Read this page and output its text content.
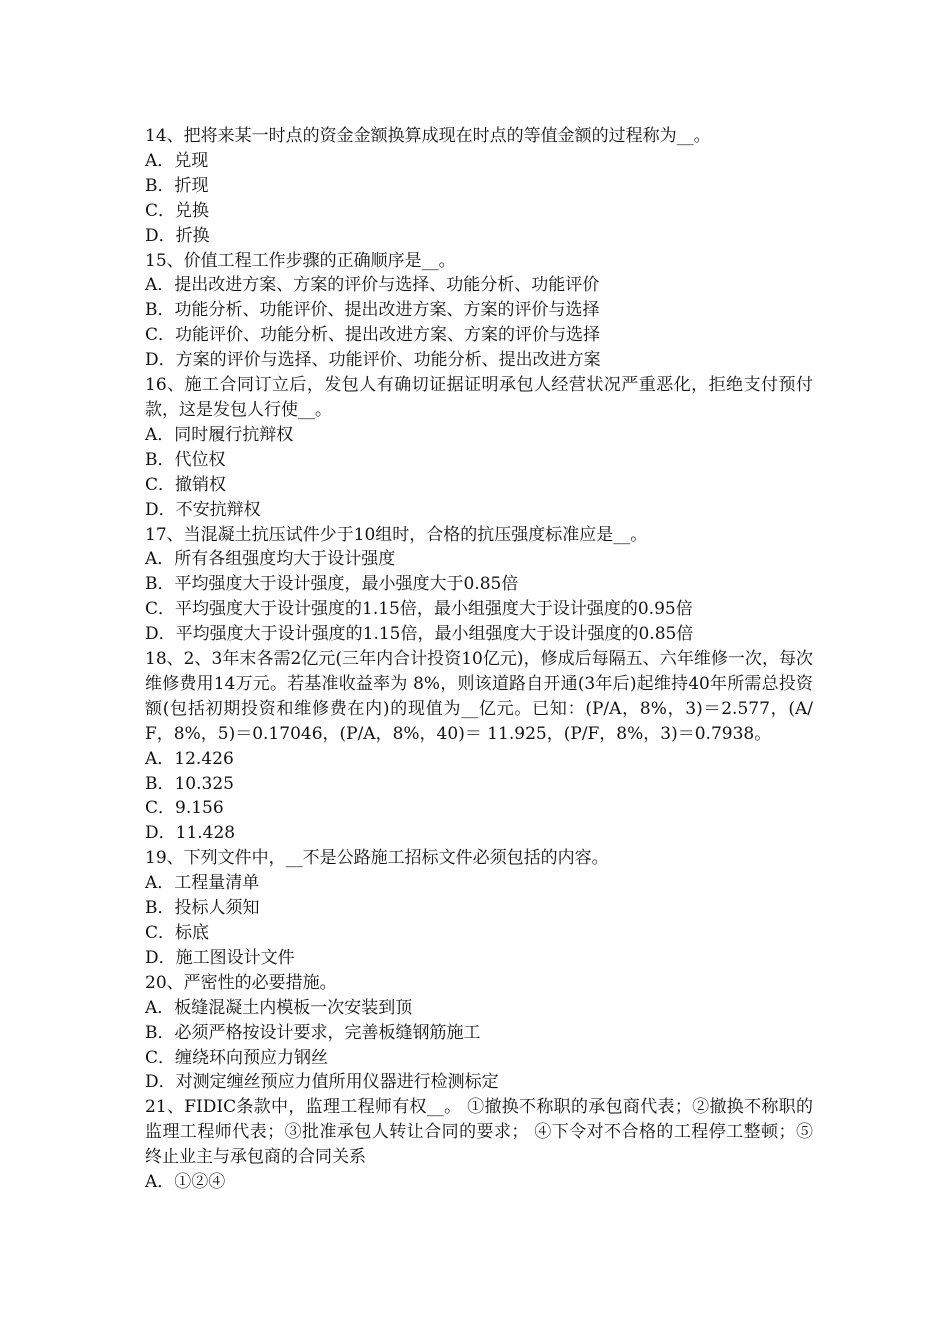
14、把将来某一时点的资金金额换算成现在时点的等值金额的过程称为__。

A．兑现

B．折现

C．兑换

D．折换

15、价值工程工作步骤的正确顺序是__。

A．提出改进方案、方案的评价与选择、功能分析、功能评价

B．功能分析、功能评价、提出改进方案、方案的评价与选择

C．功能评价、功能分析、提出改进方案、方案的评价与选择

D．方案的评价与选择、功能评价、功能分析、提出改进方案

16、施工合同订立后，发包人有确切证据证明承包人经营状况严重恶化，拒绝支付预付款，这是发包人行使__。

A．同时履行抗辩权

B．代位权

C．撤销权

D．不安抗辩权

17、当混凝土抗压试件少于10组时，合格的抗压强度标准应是__。

A．所有各组强度均大于设计强度

B．平均强度大于设计强度，最小强度大于0.85倍

C．平均强度大于设计强度的1.15倍，最小组强度大于设计强度的0.95倍

D．平均强度大于设计强度的1.15倍，最小组强度大于设计强度的0.85倍

18、2、3年末各需2亿元(三年内合计投资10亿元)，修成后每隔五、六年维修一次，每次维修费用14万元。若基准收益率为 8%，则该道路自开通(3年后)起维持40年所需总投资额(包括初期投资和维修费在内)的现值为__亿元。已知：(P/A，8%，3)＝2.577，(A/F，8%，5)＝0.17046，(P/A，8%，40)＝ 11.925，(P/F，8%，3)＝0.7938。

A．12.426

B．10.325

C．9.156

D．11.428

19、下列文件中，__不是公路施工招标文件必须包括的内容。

A．工程量清单

B．投标人须知

C．标底

D．施工图设计文件

20、严密性的必要措施。

A．板缝混凝土内模板一次安装到顶

B．必须严格按设计要求，完善板缝钢筋施工

C．缠绕环向预应力钢丝

D．对测定缠丝预应力值所用仪器进行检测标定

21、FIDIC条款中，监理工程师有权__。 ①撤换不称职的承包商代表；②撤换不称职的监理工程师代表；③批准承包人转让合同的要求； ④下令对不合格的工程停工整顿；⑤终止业主与承包商的合同关系

A．①②④
